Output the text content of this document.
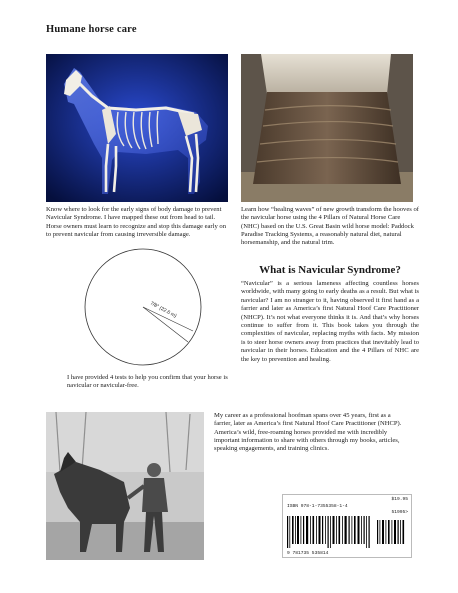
Humane horse care
Know where to look for the early signs of body damage to prevent Navicular Syndrome. I have mapped these out from head to tail. Horse owners must learn to recognize and stop this damage early on to prevent navicular from causing irreversible damage.
Learn how “healing waves” of new growth transform the hooves of the navicular horse using the 4 Pillars of Natural Horse Care (NHC) based on the U.S. Great Basin wild horse model: Paddock Paradise Tracking Systems, a reasonably natural diet, natural horsemanship, and the natural trim.
7/8° (22.6 m)
I have provided 4 tests to help you confirm that your horse is navicular or navicular-free.
What is Navicular Syndrome?
“Navicular” is a serious lameness affecting countless horses worldwide, with many going to early deaths as a result. But what is navicular? I am no stranger to it, having observed it first hand as a farrier and later as America’s first Natural Hoof Care Practitioner (NHCP). It’s not what everyone thinks it is. And that’s why horses continue to suffer from it. This book takes you through the complexities of navicular, replacing myths with facts. My mission is to steer horse owners away from practices that inevitably lead to navicular in their horses. Education and the 4 Pillars of NHC are the key to prevention and healing.
My career as a professional hoofman spans over 45 years, first as a farrier, later as America’s first Natural Hoof Care Practitioner (NHCP). America’s wild, free-roaming horses provided me with incredibly important information to share with others through my books, articles, speaking engagements, and training clinics.
$19.95
ISBN 978-1-7355358-1-4
51995>
9 781735 535814
